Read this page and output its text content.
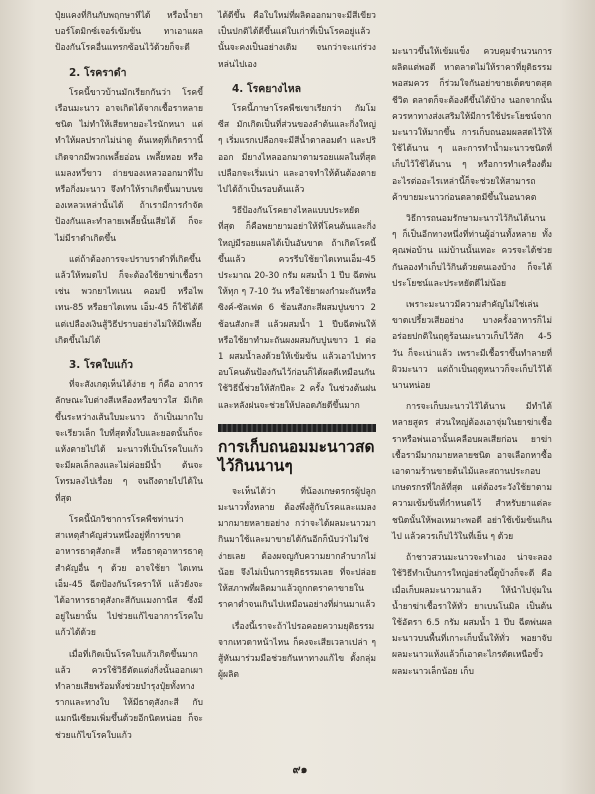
ปุ๋ยแคงที่กินกับพฤกษาทีได้ หรือน้ำยาบอร์โดมิกซ์เจอร์เข้มข้น ทาเอาแผลป้องกันโรคอื่นแทรกซ้อนไว้ด้วยก็จะดี

2. โรคราดำ

โรคนี้ขาวบ้านมักเรียกกันว่า โรคขี้เรือนมะนาว อาจเกิดได้จากเชื้อราหลายชนิด ไม่ทำให้เสียหายอะไรนักหนา แต่ทำให้ผลปรากไม่น่าดู ต้นเหตุที่เกิดราานี้ เกิดจากมีพวกเพลี้ยอ่อน เพลี้ยหอย หรือแมลงหวี่ขาว ถ่ายของเหลวออกมาที่ใบหรือกิ่งมะนาว จึงทำให้ราเกิดขึ้นมาบนของเหลวเหล่านั้นได้ ถ้าเรามีการกำจัดป้องกันและทำลายเพลี้ยนั้นเสียได้ ก็จะไม่มีราดำเกิดขึ้น

แต่ถ้าต้องการจะปราบราดำที่เกิดขึ้นแล้วให้หมดไป ก็จะต้องใช้ยาฆ่าเชื้อรา เช่น พวกยาไทเนน คอมบี หรือไพเทน-85 หรือยาไดเทน เอ็ม-45 ก็ใช้ได้ดี แต่เปลืองเงินสู้วิธีปราบอย่างไม่ให้มีเพลี้ยเกิดขึ้นไม่ได้

3. โรคใบแก้ว

ที่จะสังเกตุเห็นได้ง่าย ๆ ก็คือ อาการลักษณะใบต่างสีเหลืองหรือขาวใส มีเกิดขึ้นระหว่างเส้นใบมะนาว ถ้าเป็นมากใบจะเรียวเล็ก ใบที่สุดทั้งใบและยอดนั้นก็จะแห้งตายไปได้ มะนาวที่เป็นโรคใบแก้ว จะมีผลเล็กลงและไม่ค่อยมีน้ำ ต้นจะโทรมลงไปเรื่อย ๆ จนถึงตายไปได้ในที่สุด

โรคนี้นักวิชาการโรคพืชท่านว่า สาเหตุสำคัญส่วนหนึ่งอยู่ที่การขาดอาหารธาตุสังกะสี หรือธาตุอาหารธาตุสำคัญอื่น ๆ ด้วย อาจใช้ยา ไดเทน เอ็ม-45 ฉีดป้องกันโรคราให้ แล้วยังจะได้อาหารธาตุสังกะสีกับแมงกานีส ซึ่งมีอยู่ในยานั้น ไปช่วยแก้ไขอาการโรคใบแก้วได้ด้วย

เมื่อที่เกิดเป็นโรคใบแก้วเกิดขึ้นมากแล้ว ควรใช้วิธีตัดแต่งกิ่งนั้นออกเผาทำลายเสียพร้อมทั้งช่วยบำรุงปุ๋ยทั้งทางรากและทางใบ ให้มีธาตุสังกะสี กับแมกนีเซียมเพิ่มขึ้นด้วยอีกนิดหน่อย ก็จะช่วยแก้ไขโรคใบแก้ว

ได้ดีขึ้น คือใบใหม่ที่ผลิตออกมาจะมีสีเขียวเป็นปกติได้ดีขึ้นแต่ใบเก่าที่เป็นโรคอยู่แล้วนั้นจะคงเป็นอย่างเดิม จนกว่าจะแก่ร่วงหล่นไปเอง

4. โรคยางไหล

โรคนี้ภาษาโรคพืชเขาเรียกว่า กัมโมซีส มักเกิดเป็นที่ส่วนของลำต้นและกิ่งใหญ่ ๆ เริ่มแรกเปลือกจะมีสีน้ำตาลอมดำ และปริออก มียางไหลออกมาตามรอยแผลในที่สุดเปลือกจะเริ่มเน่า และอาจทำให้ต้นต้องตายไปได้ถ้าเป็นรอบต้นแล้ว

วิธีป้องกันโรคยางไหลแบบประหยัดที่สุด ก็คือพยายามอย่าให้ที่โคนต้นและกิ่งใหญ่มีรอยแผลได้เป็นอันขาด ถ้าเกิดโรคนี้ขึ้นแล้ว ควรรีบใช้ยาไดเทนเอ็ม-45 ประมาณ 20-30 กรัม ผสมน้ำ 1 ปีบ ฉีดพ่นให้ทุก ๆ 7-10 วัน หรือใช้ยาผงกำมะถันหรือซิงค์-ซัลเฟต 6 ช้อนสังกะสีผสมปูนขาว 2 ช้อนสังกะสี แล้วผสมน้ำ 1 ปีบฉีดพ่นให้ หรือใช้ยาทำมะถันผงผสมกับปูนขาว 1 ต่อ 1 ผสมน้ำลงด้วยให้เข้มข้น แล้วเอาไปทารอบโคนต้นป้องกันไว้ก่อนก็ได้ผลดีเหมือนกัน ใช้วิธีนี้ช่วยให้สักปีละ 2 ครั้ง ในช่วงต้นฝนและหลังฝนจะช่วยให้ปลอดภัยดีขึ้นมาก

การเก็บถนอมมะนาวสดไว้กินนานๆ

จะเห็นได้ว่า ที่น้องเกษตรกรผู้ปลูกมะนาวทั้งหลาย ต้องพึ่งสู้กับโรคและแมลงมากมายหลายอย่าง กว่าจะได้ผลมะนาวมากินมาใช้และมาขายได้กันอีกก็นับว่าไม่ใช่ง่ายเลย ต้องผจญกับความยากลำบากไม่น้อย จึงไม่เป็นการยุติธรรมเลย ที่จะปล่อยให้สภาพที่ผลิตมาแล้วถูกกดราคาขายในราคาต่ำจนเกินไปเหมือนอย่างที่ผ่านมาแล้ว

เรื่องนี้เราจะถ้าไปรอคอยความยุติธรรมจากเทวดาหน้าไหน ก็คงจะเสียเวลาเปล่า ๆ สู้หันมาร่วมมือช่วยกันหาทางแก้ไข ตั้งกลุ่มผู้ผลิต

มะนาวขึ้นให้เข้มแข็ง ควบคุมจำนวนการผลิตแต่พอดี หาตลาดไม่ให้ราคาที่ยุติธรรมพอสมควร ก็ร่วมใจกันอย่าขายเด็ดขาดสุดชีวิต ตลาดก็จะต้องดีขึ้นได้บ้าง นอกจากนั้นควรหาทางส่งเสริมให้มีการใช้ประโยชน์จากมะนาวให้มากขึ้น การเก็บถนอมผลสดไว้ให้ใช้ได้นาน ๆ และการทำน้ำมะนาวชนิดที่เก็บไว้ใช้ได้นาน ๆ หรือการทำเครื่องดื่มอะไรต่ออะไรเหล่านี้ก็จะช่วยให้สามารถค้าขายมะนาวก่อนตลาดมีขึ้นในอนาคต

วิธีการถนอมรักษามะนาวไว้กินได้นาน ๆ ก็เป็นอีกทางหนึ่งที่ท่านผู้อ่านทั้งหลาย ทั้งคุณพ่อบ้าน แม่บ้านนั้นเทอะ ควรจะได้ช่วยกันลองทำเก็บไว้กินด้วยตนเองบ้าง ก็จะได้ประโยชน์และประหยัดดีไม่น้อย

เพราะมะนาวมีความสำคัญไม่ใช่เล่นขาดเปรี้ยวเสียอย่าง บางครั้งอาหารก็ไม่อร่อยปกติในฤดูร้อนมะนาวเก็บไว้สัก 4-5 วัน ก็จะเน่าแล้ว เพราะมีเชื้อราขึ้นทำลายที่ผิวมะนาว แต่ถ้าเป็นฤดูหนาวก็จะเก็บไว้ได้นานหน่อย

การจะเก็บมะนาวไว้ได้นาน มีทำได้หลายสูตร ส่วนใหญ่ต้องเอาจุ่มในยาฆ่าเชื้อราหรือพ่นเอานั้นเคลือบผลเสียก่อน ยาฆ่าเชื้อรามีมากมายหลายชนิด อาจเลือกหาซื้อเอาตามร้านขายต้นไม้และสถานประกอบเกษตรกรที่ใกล้ที่สุด แต่ต้องระวังใช้ยาตามความเข้มข้นที่กำหนดไว้ สำหรับยาแต่ละชนิดนั้นให้พอเหมาะพอดี อย่าใช้เข้มข้นเกินไป แล้วควรเก็บไว้ในที่เย็น ๆ ด้วย

ถ้าชาวสวนมะนาวจะทำเอง น่าจะลองใช้วิธีทำเป็นการใหญ่อย่างนี้ดูบ้างก็จะดี คือเมื่อเก็บผลมะนาวมาแล้ว ให้นำไปจุ่มในน้ำยาฆ่าเชื้อราให้ทั่ว ยาเบนโนมิล เป็นต้น ใช้อัตรา 6.5 กรัม ผสมน้ำ 1 ปีบ ฉีดพ่นผลมะนาวบนพื้นที่เกาะเก็บนั้นให้ทั่ว พอยาจับผลมะนาวแห้งแล้วก็เอาตะไกรตัดเหนือขั้วผลมะนาวเล็กน้อย เก็บ

๙๑
